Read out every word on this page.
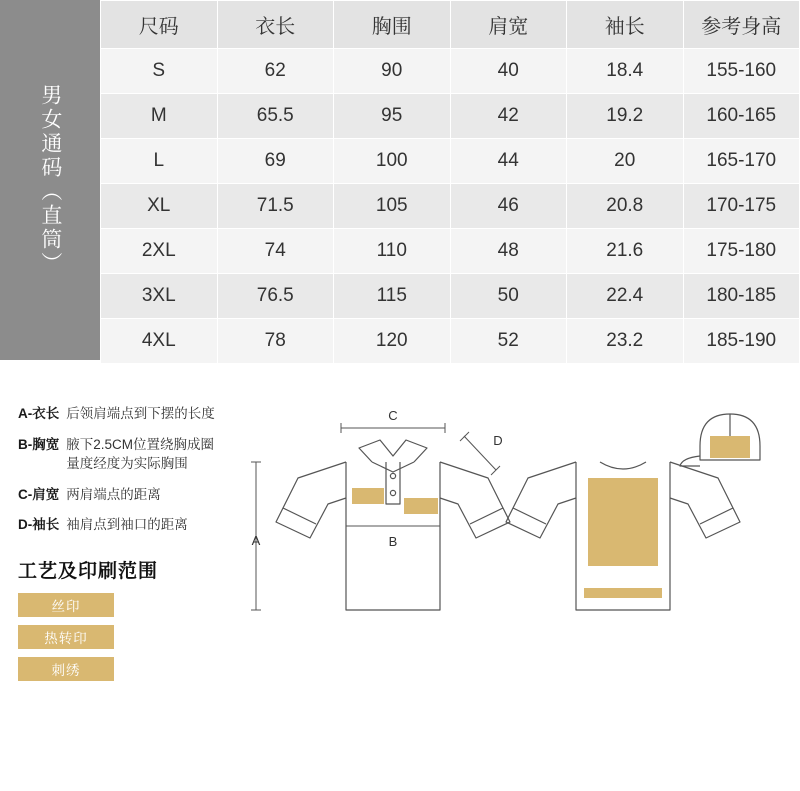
男女通码（直筒）
尺码	衣长	胸围	肩宽	袖长	参考身高
S	62	90	40	18.4	155-160
M	65.5	95	42	19.2	160-165
L	69	100	44	20	165-170
XL	71.5	105	46	20.8	170-175
2XL	74	110	48	21.6	175-180
3XL	76.5	115	50	22.4	180-185
4XL	78	120	52	23.2	185-190
A-衣长 后领肩端点到下摆的长度
B-胸宽 腋下2.5CM位置绕胸成圈
量度经度为实际胸围
C-肩宽 两肩端点的距离
D-袖长 袖肩点到袖口的距离
工艺及印刷范围
丝印
热转印
刺绣
A
C
B
D
